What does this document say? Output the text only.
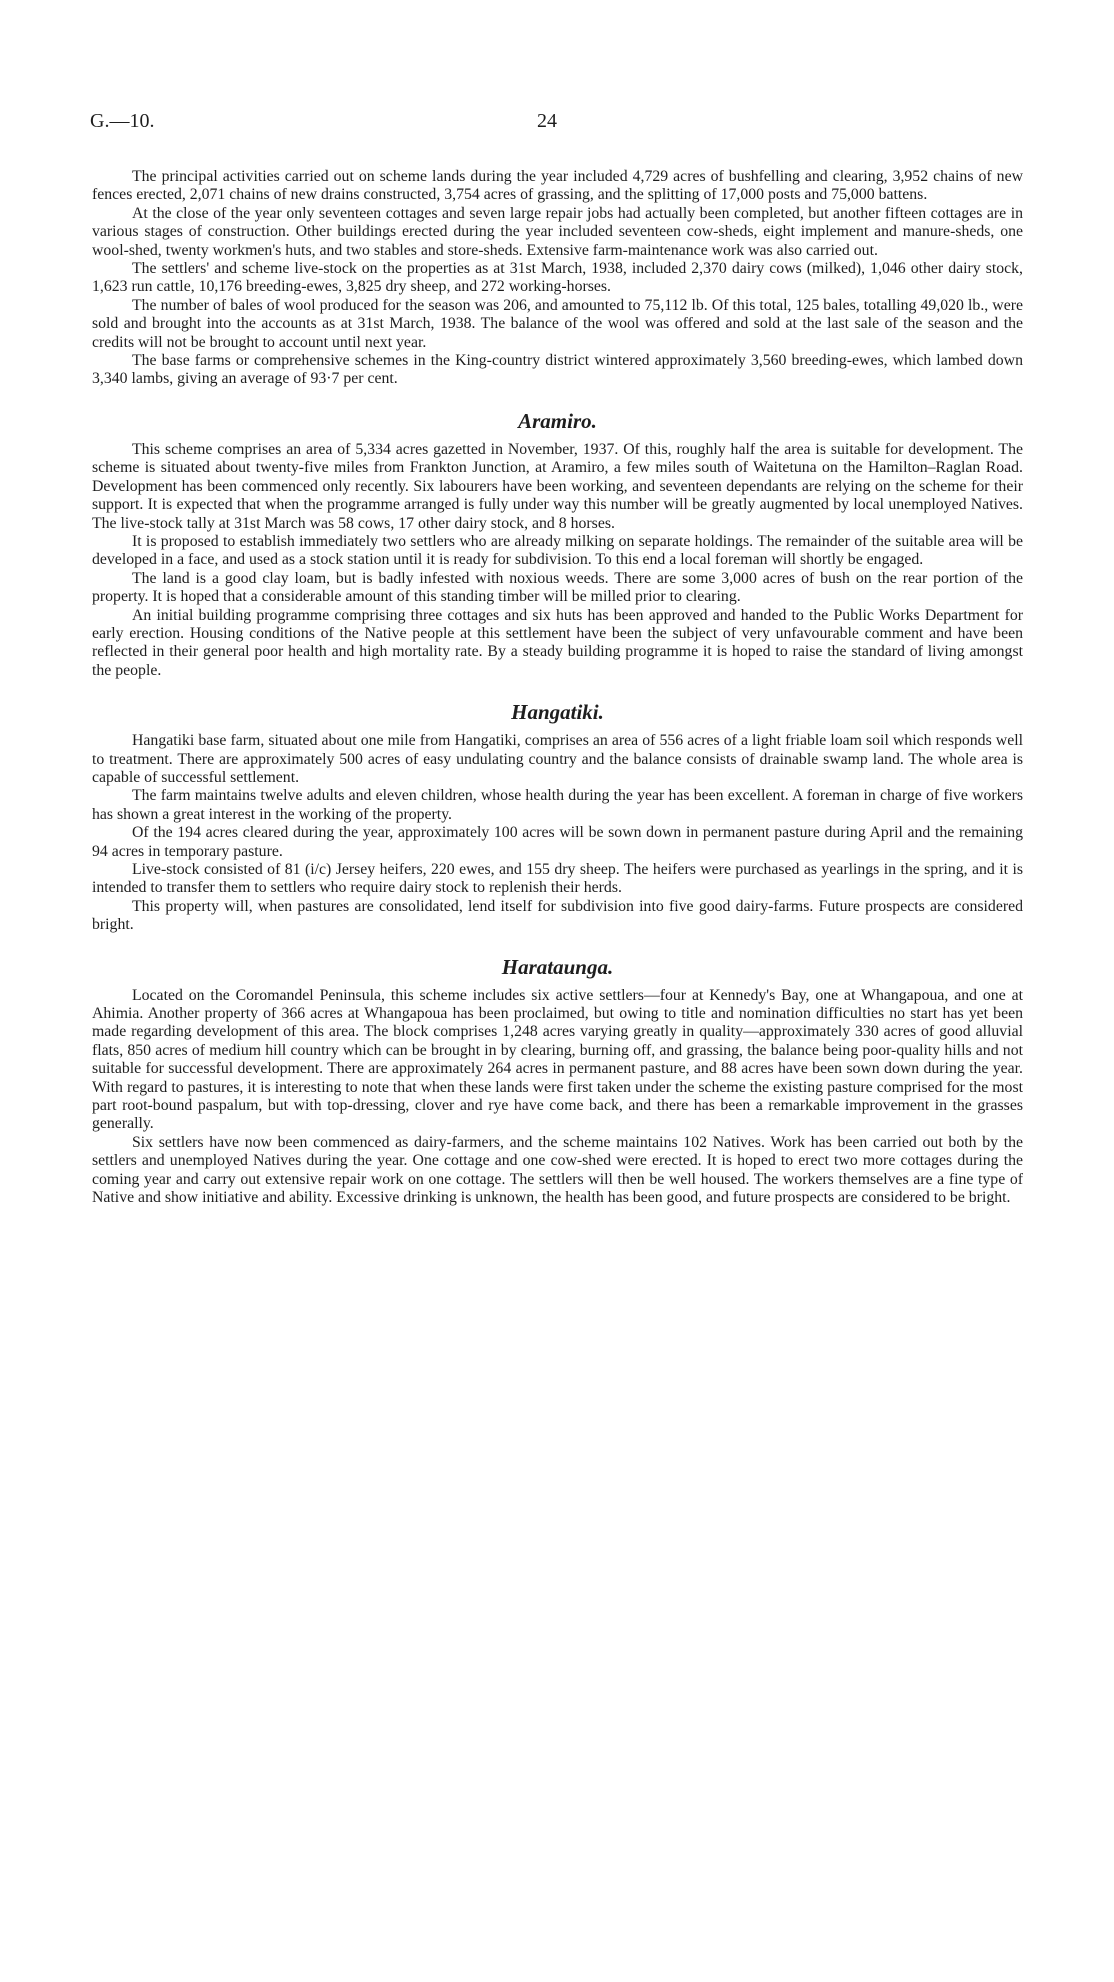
G.—10.	24

The principal activities carried out on scheme lands during the year included 4,729 acres of bushfelling and clearing, 3,952 chains of new fences erected, 2,071 chains of new drains constructed, 3,754 acres of grassing, and the splitting of 17,000 posts and 75,000 battens.

At the close of the year only seventeen cottages and seven large repair jobs had actually been completed, but another fifteen cottages are in various stages of construction. Other buildings erected during the year included seventeen cow-sheds, eight implement and manure-sheds, one wool-shed, twenty workmen's huts, and two stables and store-sheds. Extensive farm-maintenance work was also carried out.

The settlers' and scheme live-stock on the properties as at 31st March, 1938, included 2,370 dairy cows (milked), 1,046 other dairy stock, 1,623 run cattle, 10,176 breeding-ewes, 3,825 dry sheep, and 272 working-horses.

The number of bales of wool produced for the season was 206, and amounted to 75,112 lb. Of this total, 125 bales, totalling 49,020 lb., were sold and brought into the accounts as at 31st March, 1938. The balance of the wool was offered and sold at the last sale of the season and the credits will not be brought to account until next year.

The base farms or comprehensive schemes in the King-country district wintered approximately 3,560 breeding-ewes, which lambed down 3,340 lambs, giving an average of 93·7 per cent.

Aramiro.

This scheme comprises an area of 5,334 acres gazetted in November, 1937. Of this, roughly half the area is suitable for development. The scheme is situated about twenty-five miles from Frankton Junction, at Aramiro, a few miles south of Waitetuna on the Hamilton–Raglan Road. Development has been commenced only recently. Six labourers have been working, and seventeen dependants are relying on the scheme for their support. It is expected that when the programme arranged is fully under way this number will be greatly augmented by local unemployed Natives. The live-stock tally at 31st March was 58 cows, 17 other dairy stock, and 8 horses.

It is proposed to establish immediately two settlers who are already milking on separate holdings. The remainder of the suitable area will be developed in a face, and used as a stock station until it is ready for subdivision. To this end a local foreman will shortly be engaged.

The land is a good clay loam, but is badly infested with noxious weeds. There are some 3,000 acres of bush on the rear portion of the property. It is hoped that a considerable amount of this standing timber will be milled prior to clearing.

An initial building programme comprising three cottages and six huts has been approved and handed to the Public Works Department for early erection. Housing conditions of the Native people at this settlement have been the subject of very unfavourable comment and have been reflected in their general poor health and high mortality rate. By a steady building programme it is hoped to raise the standard of living amongst the people.

Hangatiki.

Hangatiki base farm, situated about one mile from Hangatiki, comprises an area of 556 acres of a light friable loam soil which responds well to treatment. There are approximately 500 acres of easy undulating country and the balance consists of drainable swamp land. The whole area is capable of successful settlement.

The farm maintains twelve adults and eleven children, whose health during the year has been excellent. A foreman in charge of five workers has shown a great interest in the working of the property.

Of the 194 acres cleared during the year, approximately 100 acres will be sown down in permanent pasture during April and the remaining 94 acres in temporary pasture.

Live-stock consisted of 81 (i/c) Jersey heifers, 220 ewes, and 155 dry sheep. The heifers were purchased as yearlings in the spring, and it is intended to transfer them to settlers who require dairy stock to replenish their herds.

This property will, when pastures are consolidated, lend itself for subdivision into five good dairy-farms. Future prospects are considered bright.

Harataunga.

Located on the Coromandel Peninsula, this scheme includes six active settlers—four at Kennedy's Bay, one at Whangapoua, and one at Ahimia. Another property of 366 acres at Whangapoua has been proclaimed, but owing to title and nomination difficulties no start has yet been made regarding development of this area. The block comprises 1,248 acres varying greatly in quality—approximately 330 acres of good alluvial flats, 850 acres of medium hill country which can be brought in by clearing, burning off, and grassing, the balance being poor-quality hills and not suitable for successful development. There are approximately 264 acres in permanent pasture, and 88 acres have been sown down during the year. With regard to pastures, it is interesting to note that when these lands were first taken under the scheme the existing pasture comprised for the most part root-bound paspalum, but with top-dressing, clover and rye have come back, and there has been a remarkable improvement in the grasses generally.

Six settlers have now been commenced as dairy-farmers, and the scheme maintains 102 Natives. Work has been carried out both by the settlers and unemployed Natives during the year. One cottage and one cow-shed were erected. It is hoped to erect two more cottages during the coming year and carry out extensive repair work on one cottage. The settlers will then be well housed. The workers themselves are a fine type of Native and show initiative and ability. Excessive drinking is unknown, the health has been good, and future prospects are considered to be bright.
